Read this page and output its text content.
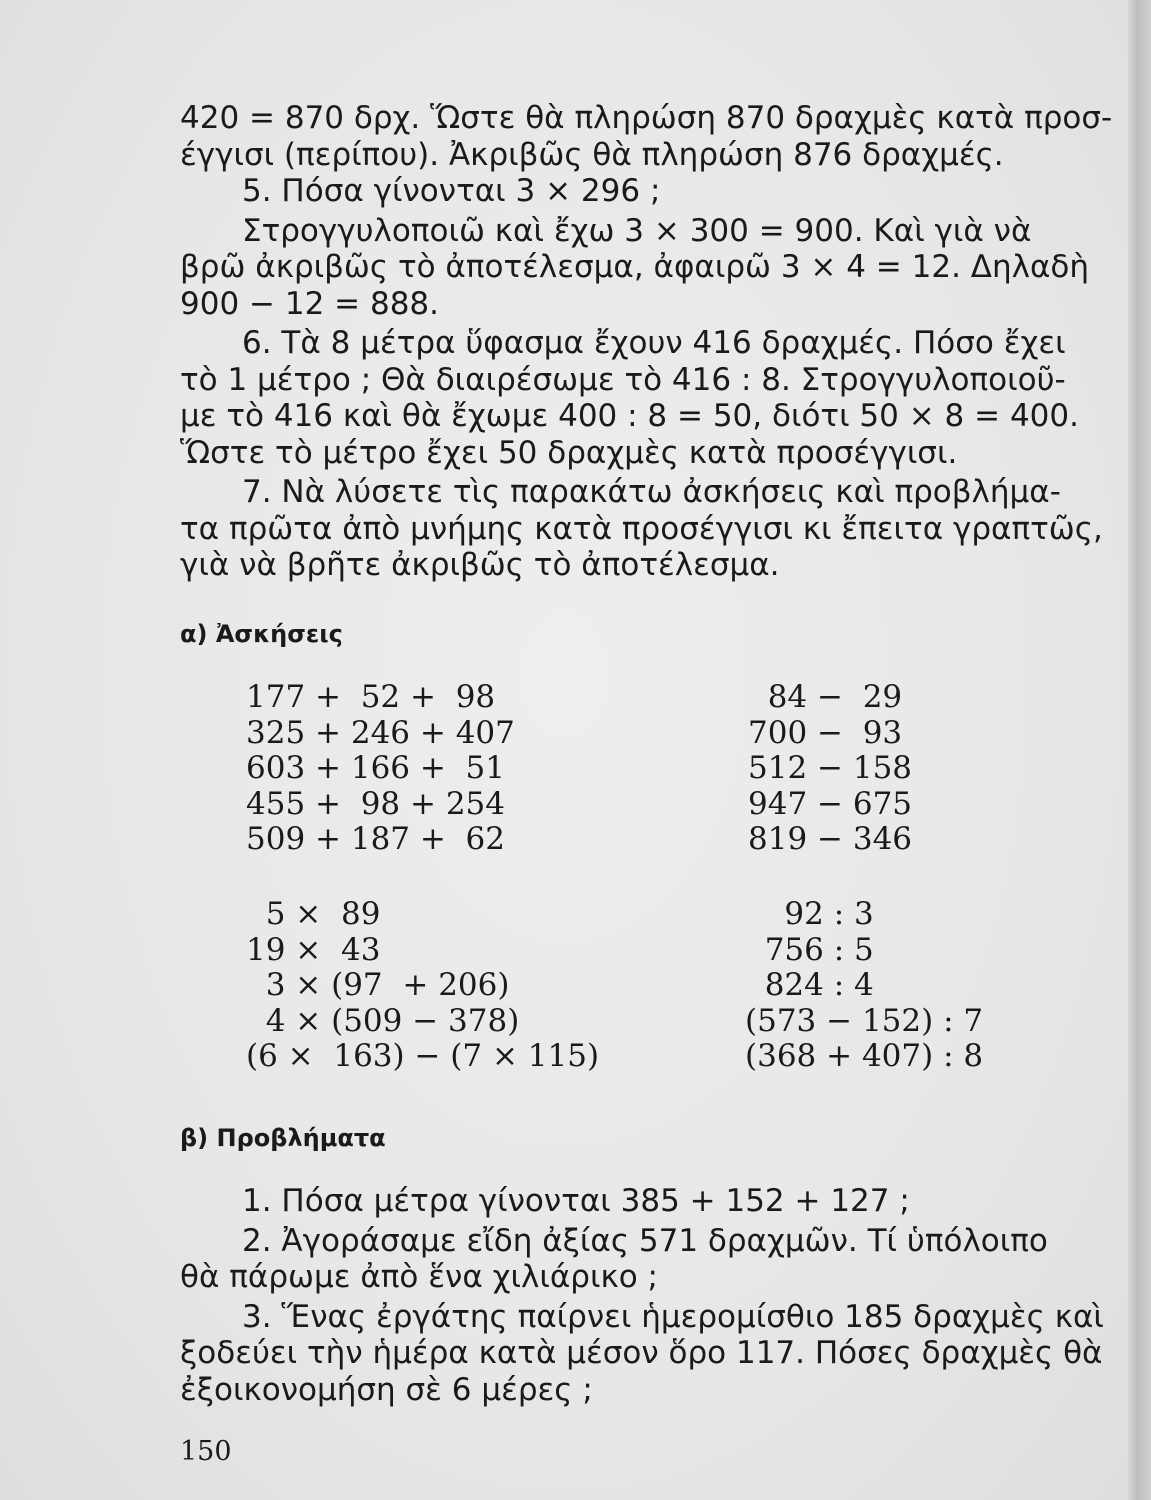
420 = 870 δρχ. Ὥστε θὰ πληρώση 870 δραχμὲς κατὰ προσ-
έγγισι (περίπου). Ἀκριβῶς θὰ πληρώση 876 δραχμές.
5. Πόσα γίνονται 3 × 296 ;
Στρογγυλοποιῶ καὶ ἔχω 3 × 300 = 900. Καὶ γιὰ νὰ
βρῶ ἀκριβῶς τὸ ἀποτέλεσμα, ἀφαιρῶ 3 × 4 = 12. Δηλαδὴ
900 − 12 = 888.
6. Τὰ 8 μέτρα ὕφασμα ἔχουν 416 δραχμές. Πόσο ἔχει
τὸ 1 μέτρο ; Θὰ διαιρέσωμε τὸ 416 : 8. Στρογγυλοποιοῦ-
με τὸ 416 καὶ θὰ ἔχωμε 400 : 8 = 50, διότι 50 × 8 = 400.
Ὥστε τὸ μέτρο ἔχει 50 δραχμὲς κατὰ προσέγγισι.
7. Νὰ λύσετε τὶς παρακάτω ἀσκήσεις καὶ προβλήμα-
τα πρῶτα ἀπὸ μνήμης κατὰ προσέγγισι κι ἔπειτα γραπτῶς,
γιὰ νὰ βρῆτε ἀκριβῶς τὸ ἀποτέλεσμα.
α) Ἀσκήσεις
177 +  52 +  98
325 + 246 + 407
603 + 166 +  51
455 +  98 + 254
509 + 187 +  62
84 −  29
700 −  93
512 − 158
947 − 675
819 − 346
5 ×  89
19 ×  43
3 × (97  + 206)
4 × (509 − 378)
(6 ×  163) − (7 × 115)
92 : 3
756 : 5
824 : 4
(573 − 152) : 7
(368 + 407) : 8
β) Προβλήματα
1. Πόσα μέτρα γίνονται 385 + 152 + 127 ;
2. Ἀγοράσαμε εἴδη ἀξίας 571 δραχμῶν. Τί ὑπόλοιπο
θὰ πάρωμε ἀπὸ ἕνα χιλιάρικο ;
3. Ἕνας ἐργάτης παίρνει ἡμερομίσθιο 185 δραχμὲς καὶ
ξοδεύει τὴν ἡμέρα κατὰ μέσον ὅρο 117. Πόσες δραχμὲς θὰ
ἐξοικονομήση σὲ 6 μέρες ;
150
